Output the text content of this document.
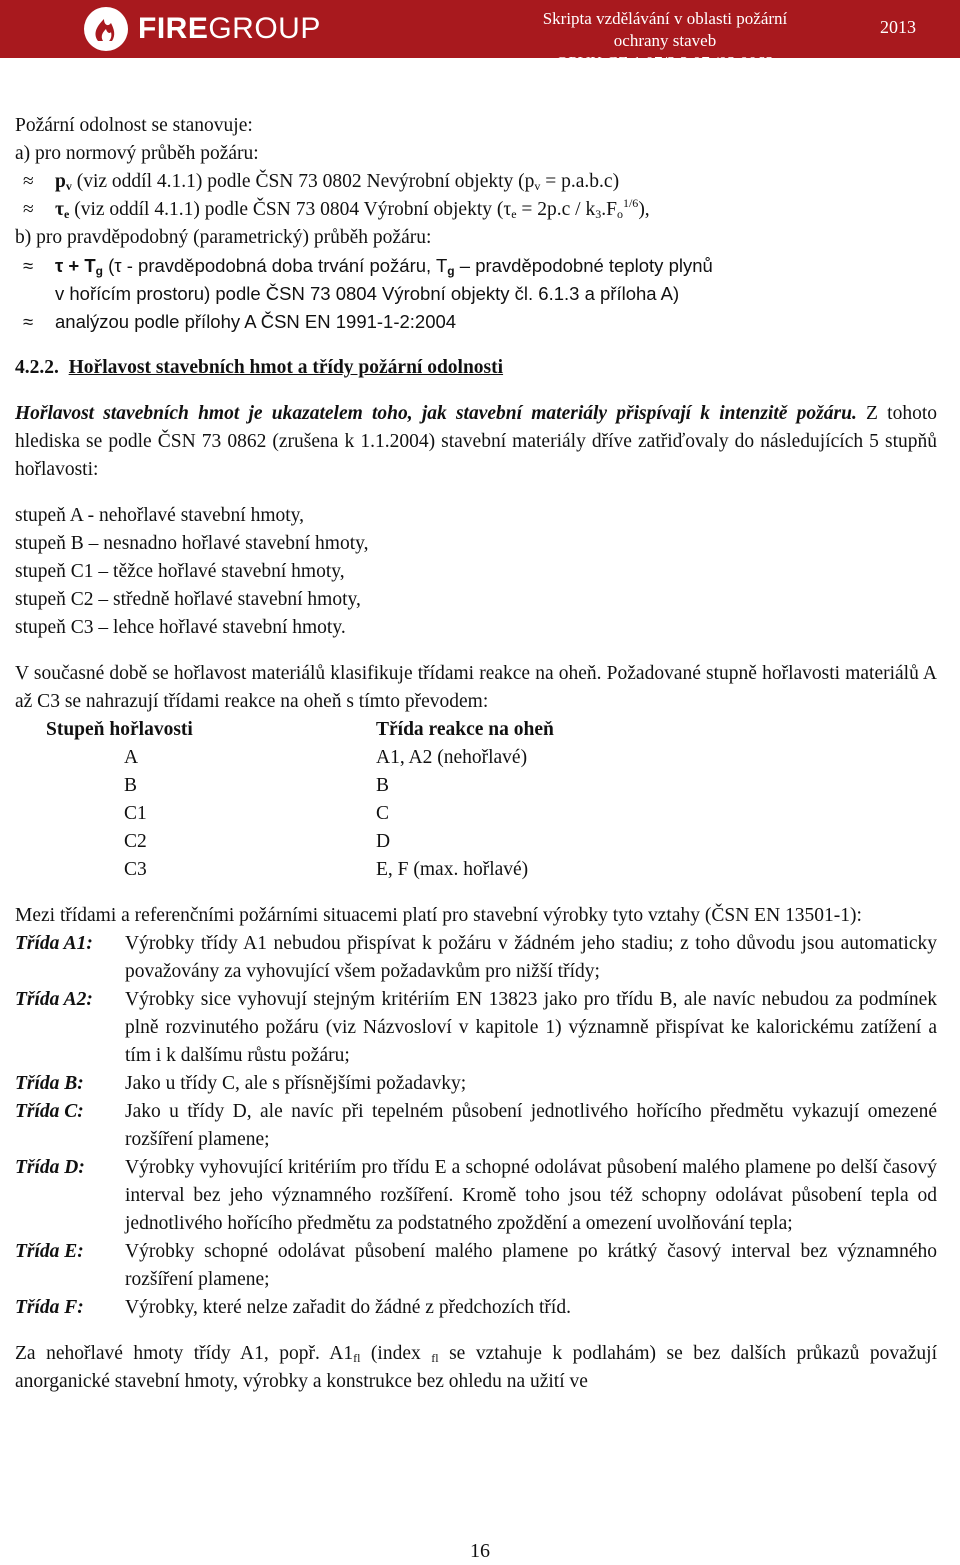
FIREGROUP	Skripta vzdělávání v oblasti požární ochrany staveb
OPVK CZ.1.07/3.2.07 /03.0062
2013

Požární odolnost se stanovuje:

a) pro normový průběh požáru:

≈	$p_v$ (viz oddíl 4.1.1) podle ČSN 73 0802 Nevýrobní objekty $(p_v = p.a.b.c)$
≈	$\tau_e$ (viz oddíl 4.1.1) podle ČSN 73 0804 Výrobní objekty $(\tau_e = 2p.c / k_3.F_o^{1/6})$,

b) pro pravděpodobný (parametrický) průběh požáru:

≈	$\tau + T_g$ (τ - pravděpodobná doba trvání požáru, $T_g$ – pravděpodobné teploty plynů
v hořícím prostoru) podle ČSN 73 0804 Výrobní objekty čl. 6.1.3 a příloha A)
≈	analýzou podle přílohy A ČSN EN 1991-1-2:2004
4.2.2. Hořlavost stavebních hmot a třídy požární odolnosti

Hořlavost stavebních hmot je ukazatelem toho, jak stavební materiály přispívají k intenzitě požáru. Z tohoto hlediska se podle ČSN 73 0862 (zrušena k 1.1.2004) stavební materiály dříve zatřiďovaly do následujících 5 stupňů hořlavosti:

stupeň A - nehořlavé stavební hmoty,

stupeň B – nesnadno hořlavé stavební hmoty,

stupeň C1 – těžce hořlavé stavební hmoty,

stupeň C2 – středně hořlavé stavební hmoty,

stupeň C3 – lehce hořlavé stavební hmoty.

V současné době se hořlavost materiálů klasifikuje třídami reakce na oheň. Požadované stupně hořlavosti materiálů A až C3 se nahrazují třídami reakce na oheň s tímto převodem:

Stupeň hořlavosti	Třída reakce na oheň
A	A1, A2 (nehořlavé)
B	B
C1	C
C2	D
C3	E, F (max. hořlavé)

Mezi třídami a referenčními požárními situacemi platí pro stavební výrobky tyto vztahy (ČSN EN 13501-1):

Třída A1:	Výrobky třídy A1 nebudou přispívat k požáru v žádném jeho stadiu; z toho důvodu jsou automaticky považovány za vyhovující všem požadavkům pro nižší třídy;
Třída A2:	Výrobky sice vyhovují stejným kritériím EN 13823 jako pro třídu B, ale navíc nebudou za podmínek plně rozvinutého požáru (viz Názvosloví v kapitole 1) významně přispívat ke kalorickému zatížení a tím i k dalšímu růstu požáru;
Třída B:	Jako u třídy C, ale s přísnějšími požadavky;
Třída C:	Jako u třídy D, ale navíc při tepelném působení jednotlivého hořícího předmětu vykazují omezené rozšíření plamene;
Třída D:	Výrobky vyhovující kritériím pro třídu E a schopné odolávat působení malého plamene po delší časový interval bez jeho významného rozšíření. Kromě toho jsou též schopny odolávat působení tepla od jednotlivého hořícího předmětu za podstatného zpoždění a omezení uvolňování tepla;
Třída E:	Výrobky schopné odolávat působení malého plamene po krátký časový interval bez významného rozšíření plamene;
Třída F:	Výrobky, které nelze zařadit do žádné z předchozích tříd.

Za nehořlavé hmoty třídy A1, popř. $A1_{fl}$ (index $_{fl}$ se vztahuje k podlahám) se bez dalších průkazů považují anorganické stavební hmoty, výrobky a konstrukce bez ohledu na užití ve

16
